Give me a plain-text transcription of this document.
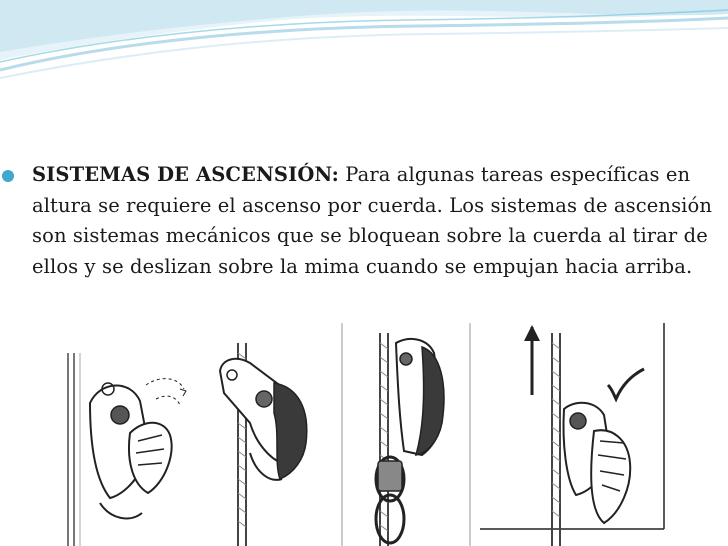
SISTEMAS DE ASCENSIÓN: Para algunas tareas específicas en altura se requiere el ascenso por cuerda. Los sistemas de ascensión son sistemas mecánicos que se bloquean sobre la cuerda al tirar de ellos y se deslizan sobre la mima cuando se empujan hacia arriba.
